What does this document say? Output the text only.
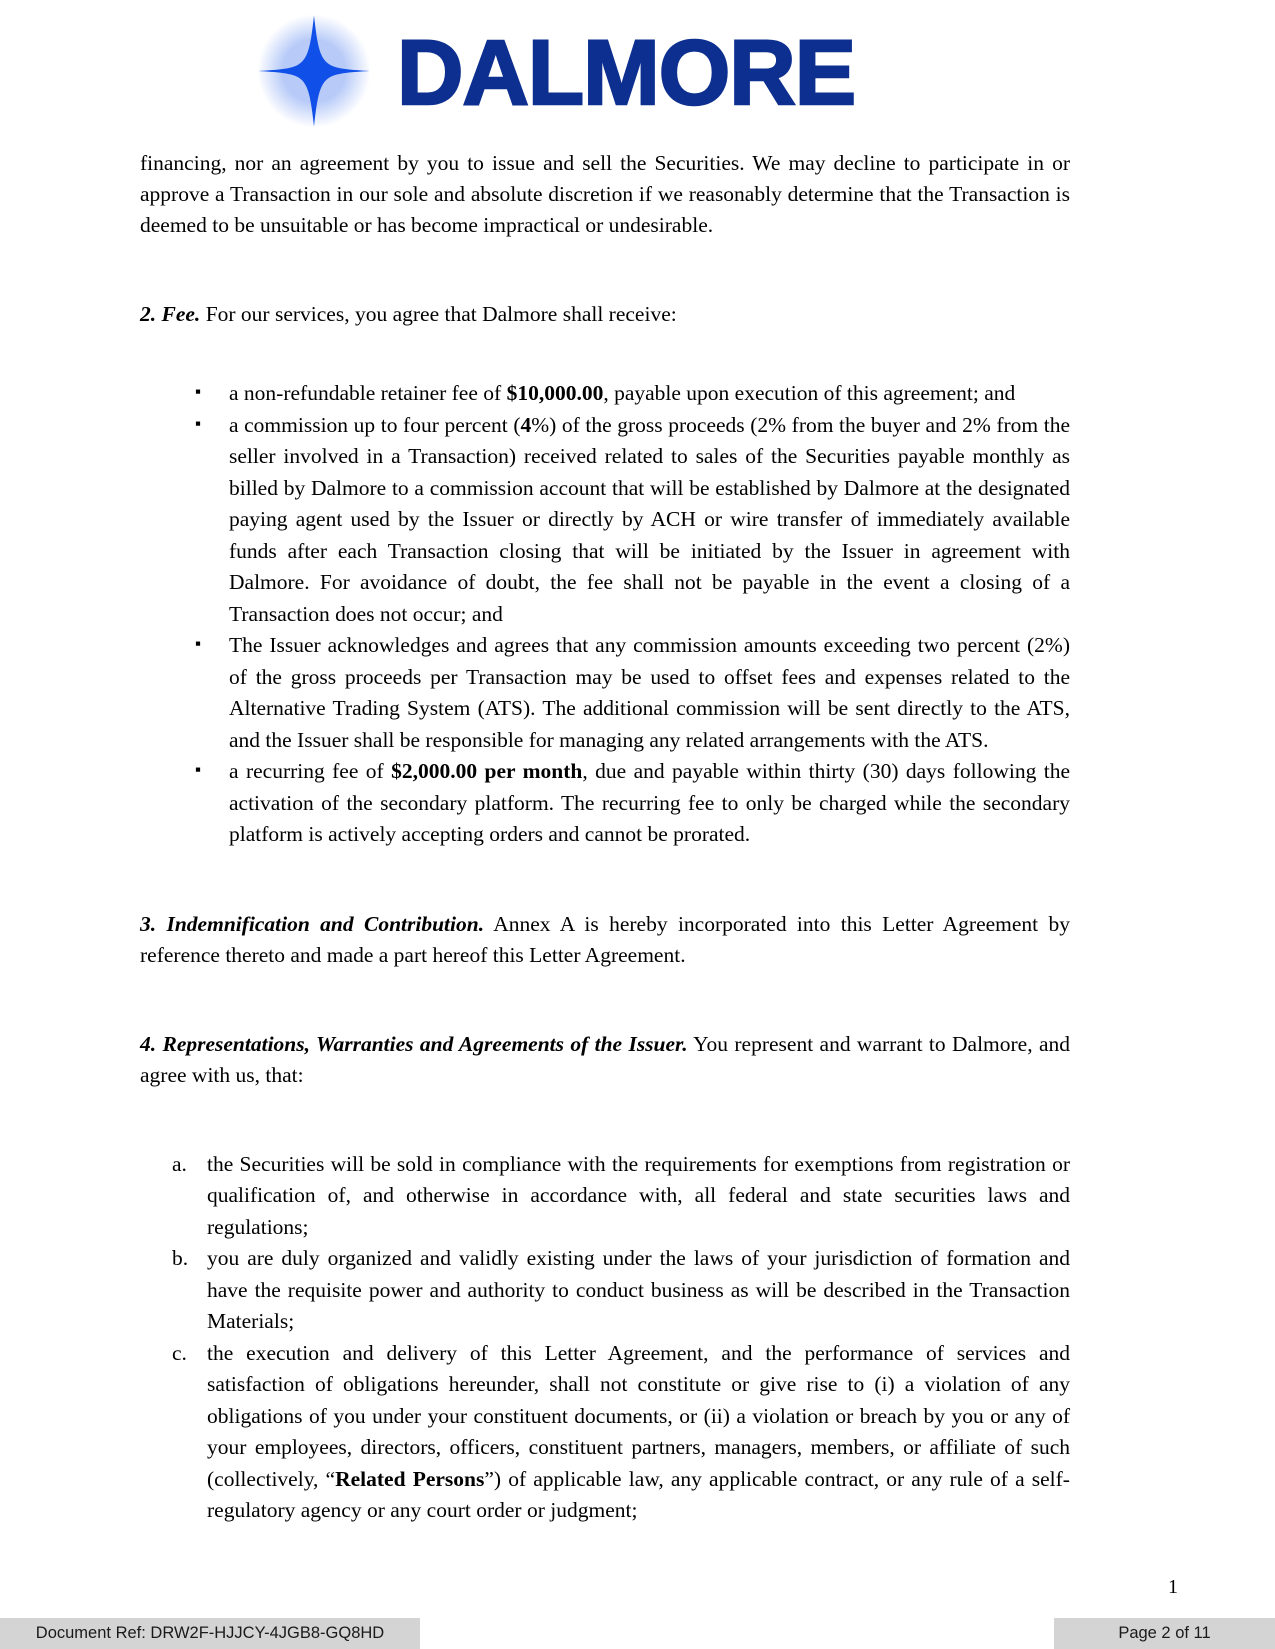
DALMORE

financing, nor an agreement by you to issue and sell the Securities. We may decline to participate in or approve a Transaction in our sole and absolute discretion if we reasonably determine that the Transaction is deemed to be unsuitable or has become impractical or undesirable.

2. Fee. For our services, you agree that Dalmore shall receive:

▪ a non-refundable retainer fee of $10,000.00, payable upon execution of this agreement; and
▪ a commission up to four percent (4%) of the gross proceeds (2% from the buyer and 2% from the seller involved in a Transaction) received related to sales of the Securities payable monthly as billed by Dalmore to a commission account that will be established by Dalmore at the designated paying agent used by the Issuer or directly by ACH or wire transfer of immediately available funds after each Transaction closing that will be initiated by the Issuer in agreement with Dalmore. For avoidance of doubt, the fee shall not be payable in the event a closing of a Transaction does not occur; and
▪ The Issuer acknowledges and agrees that any commission amounts exceeding two percent (2%) of the gross proceeds per Transaction may be used to offset fees and expenses related to the Alternative Trading System (ATS). The additional commission will be sent directly to the ATS, and the Issuer shall be responsible for managing any related arrangements with the ATS.
▪ a recurring fee of $2,000.00 per month, due and payable within thirty (30) days following the activation of the secondary platform. The recurring fee to only be charged while the secondary platform is actively accepting orders and cannot be prorated.

3. Indemnification and Contribution. Annex A is hereby incorporated into this Letter Agreement by reference thereto and made a part hereof this Letter Agreement.

4. Representations, Warranties and Agreements of the Issuer. You represent and warrant to Dalmore, and agree with us, that:

the Securities will be sold in compliance with the requirements for exemptions from registration or qualification of, and otherwise in accordance with, all federal and state securities laws and regulations;
you are duly organized and validly existing under the laws of your jurisdiction of formation and have the requisite power and authority to conduct business as will be described in the Transaction Materials;
the execution and delivery of this Letter Agreement, and the performance of services and satisfaction of obligations hereunder, shall not constitute or give rise to (i) a violation of any obligations of you under your constituent documents, or (ii) a violation or breach by you or any of your employees, directors, officers, constituent partners, managers, members, or affiliate of such (collectively, “Related Persons”) of applicable law, any applicable contract, or any rule of a self-regulatory agency or any court order or judgment;
1
Document Ref: DRW2F-HJJCY-4JGB8-GQ8HD	Page 2 of 11
